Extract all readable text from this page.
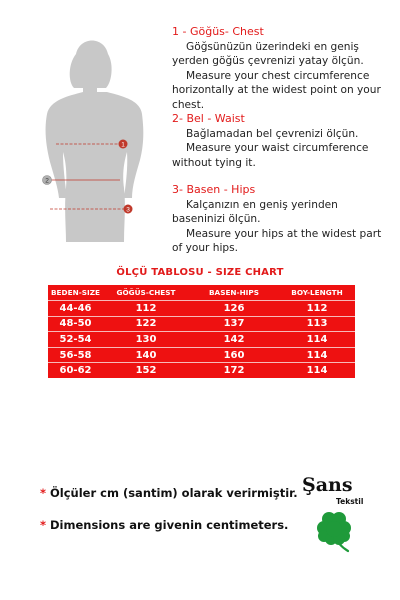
1
2
3
1 - Göğüs- Chest
Göğsünüzün üzerindeki en geniş yerden göğüs çevrenizi yatay ölçün.
Measure your chest circumference horizontally at the widest point on your chest.
2- Bel - Waist
Bağlamadan bel çevrenizi ölçün.
Measure your waist circumference without tying it.
3- Basen - Hips
Kalçanızın en geniş yerinden baseninizi ölçün.
Measure your hips at the widest part of your hips.
ÖLÇÜ TABLOSU - SIZE CHART
BEDEN-SIZE	GÖĞÜS-CHEST	BASEN-HIPS	BOY-LENGTH
44-46	112	126	112
48-50	122	137	113
52-54	130	142	114
56-58	140	160	114
60-62	152	172	114
* Ölçüler cm (santim) olarak verirmiştir.
* Dimensions are givenin centimeters.
Şans
Tekstil
